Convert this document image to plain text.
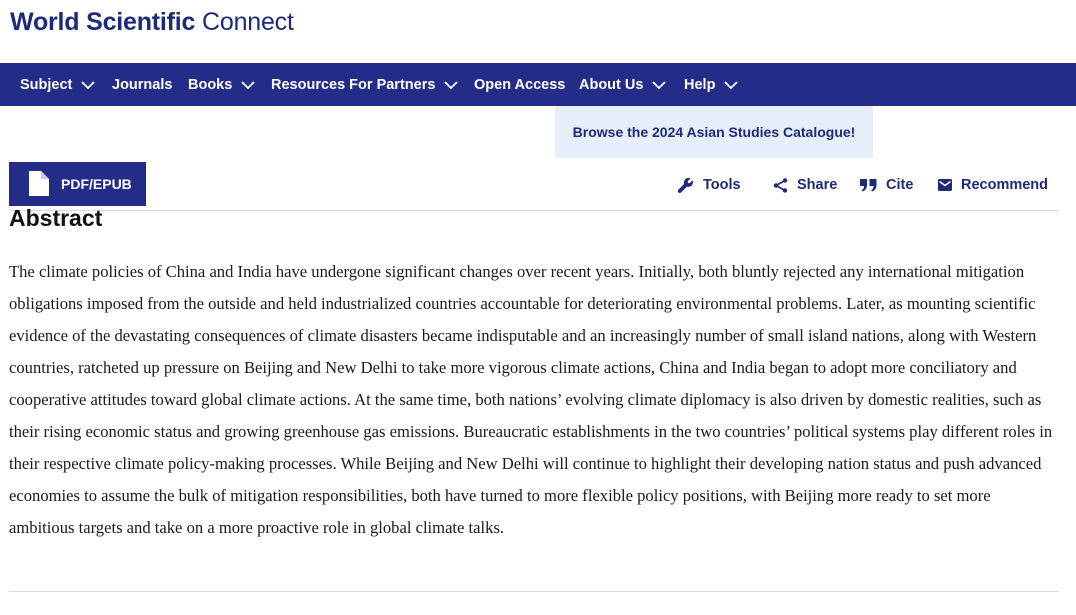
World Scientific Connect
Subject	Journals Books	Resources For Partners	Open Access About Us	Help
Browse the 2024 Asian Studies Catalogue!
PDF/EPUB	Tools	Share	Cite	Recommend
Abstract
The climate policies of China and India have undergone significant changes over recent years. Initially, both bluntly rejected any international mitigation obligations imposed from the outside and held industrialized countries accountable for deteriorating environmental problems. Later, as mounting scientific evidence of the devastating consequences of climate disasters became indisputable and an increasingly number of small island nations, along with Western countries, ratcheted up pressure on Beijing and New Delhi to take more vigorous climate actions, China and India began to adopt more conciliatory and cooperative attitudes toward global climate actions. At the same time, both nations’ evolving climate diplomacy is also driven by domestic realities, such as their rising economic status and growing greenhouse gas emissions. Bureaucratic establishments in the two countries’ political systems play different roles in their respective climate policy-making processes. While Beijing and New Delhi will continue to highlight their developing nation status and push advanced economies to assume the bulk of mitigation responsibilities, both have turned to more flexible policy positions, with Beijing more ready to set more ambitious targets and take on a more proactive role in global climate talks.
